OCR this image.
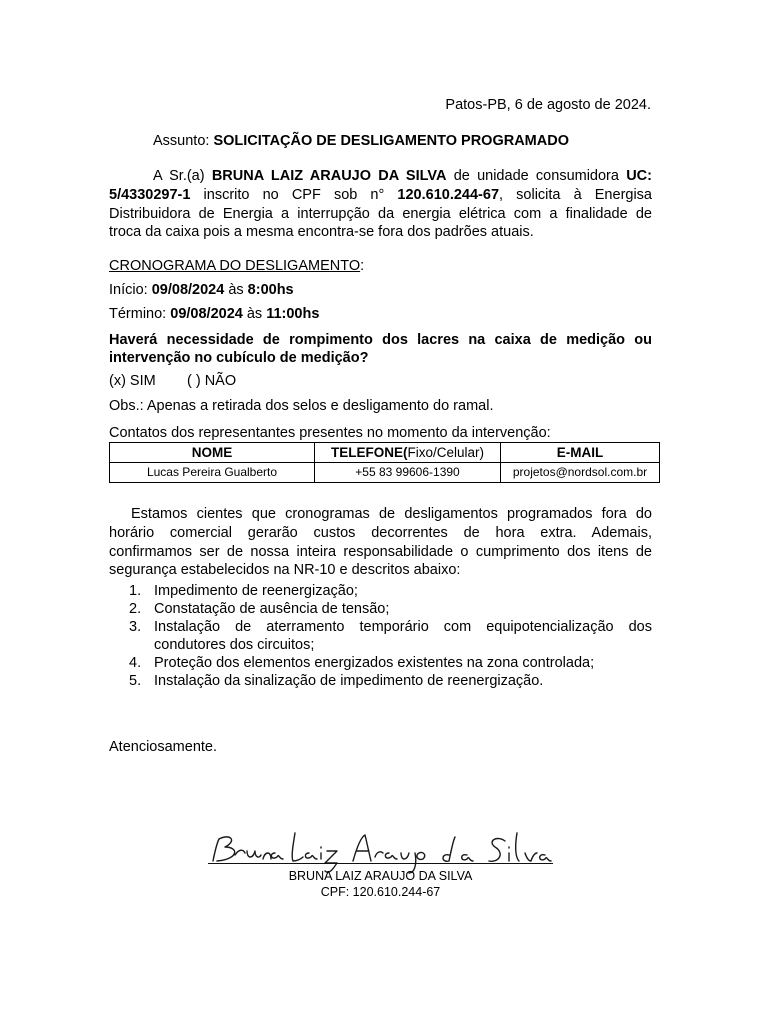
Patos-PB, 6 de agosto de 2024.
Assunto: SOLICITAÇÃO DE DESLIGAMENTO PROGRAMADO
A Sr.(a) BRUNA LAIZ ARAUJO DA SILVA de unidade consumidora UC:
5/4330297-1 inscrito no CPF sob n° 120.610.244-67, solicita à Energisa
Distribuidora de Energia a interrupção da energia elétrica com a finalidade de
troca da caixa pois a mesma encontra-se fora dos padrões atuais.
CRONOGRAMA DO DESLIGAMENTO:
Início: 09/08/2024 às 8:00hs
Término: 09/08/2024 às 11:00hs
Haverá necessidade de rompimento dos lacres na caixa de medição ou
intervenção no cubículo de medição?
(x) SIM ( ) NÃO
Obs.: Apenas a retirada dos selos e desligamento do ramal.
Contatos dos representantes presentes no momento da intervenção:
NOME	TELEFONE(Fixo/Celular)	E-MAIL
Lucas Pereira Gualberto	+55 83 99606-1390	projetos@nordsol.com.br
Estamos cientes que cronogramas de desligamentos programados fora do
horário comercial gerarão custos decorrentes de hora extra. Ademais,
confirmamos ser de nossa inteira responsabilidade o cumprimento dos itens de
segurança estabelecidos na NR-10 e descritos abaixo:
1. Impedimento de reenergização;
2. Constatação de ausência de tensão;
3. Instalação de aterramento temporário com equipotencialização dos
condutores dos circuitos;
4. Proteção dos elementos energizados existentes na zona controlada;
5. Instalação da sinalização de impedimento de reenergização.
Atenciosamente.
BRUNA LAIZ ARAUJO DA SILVA
CPF: 120.610.244-67
